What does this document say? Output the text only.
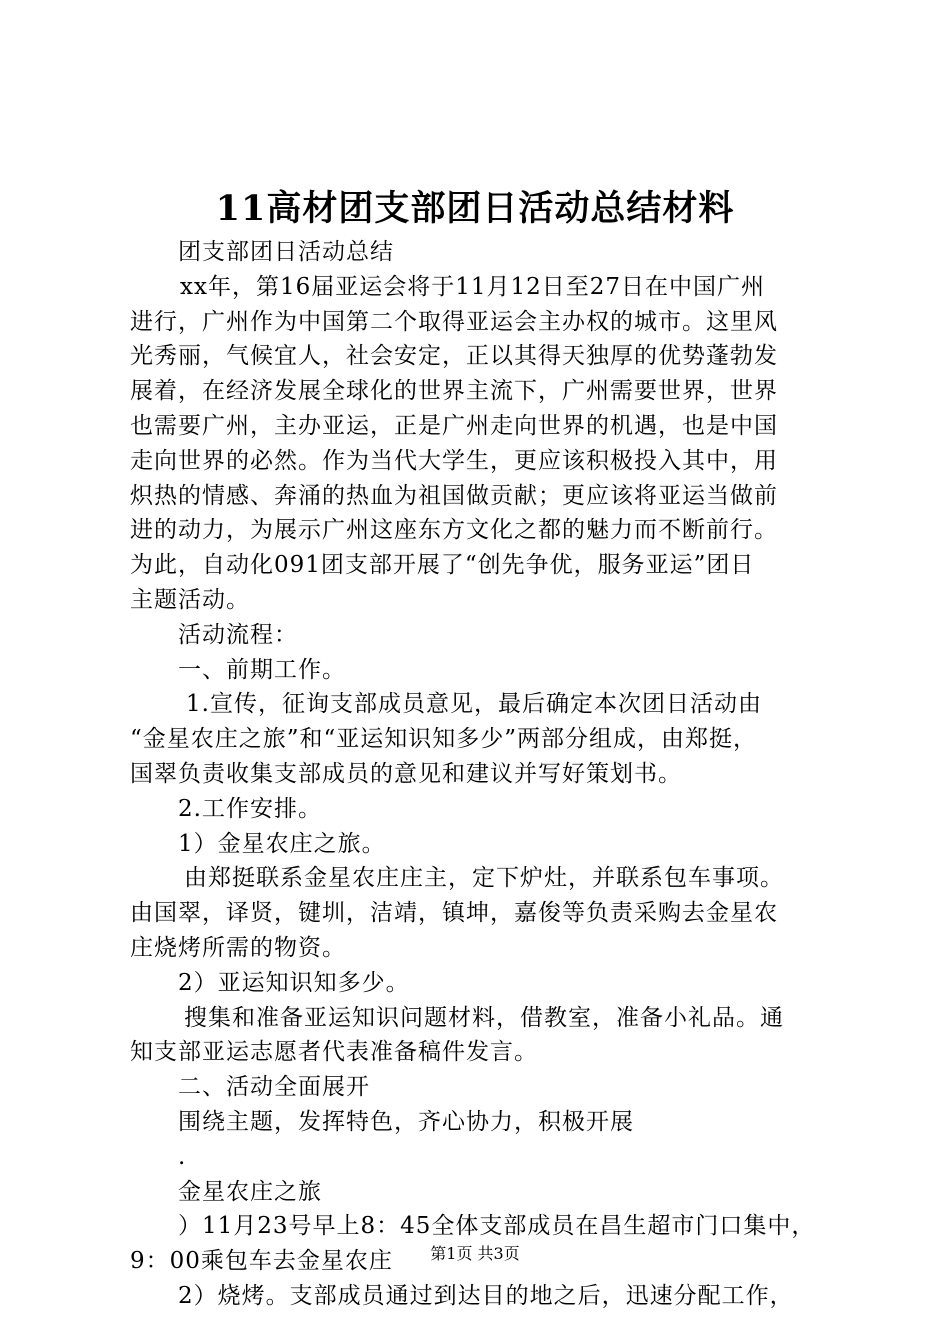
11高材团支部团日活动总结材料
团支部团日活动总结
xx年，第16届亚运会将于11月12日至27日在中国广州
进行，广州作为中国第二个取得亚运会主办权的城市。这里风
光秀丽，气候宜人，社会安定，正以其得天独厚的优势蓬勃发
展着，在经济发展全球化的世界主流下，广州需要世界，世界
也需要广州，主办亚运，正是广州走向世界的机遇，也是中国
走向世界的必然。作为当代大学生，更应该积极投入其中，用
炽热的情感、奔涌的热血为祖国做贡献；更应该将亚运当做前
进的动力，为展示广州这座东方文化之都的魅力而不断前行。
为此，自动化091团支部开展了“创先争优，服务亚运”团日
主题活动。
活动流程：
一、前期工作。
1.宣传，征询支部成员意见，最后确定本次团日活动由
“金星农庄之旅”和“亚运知识知多少”两部分组成，由郑挺，
国翠负责收集支部成员的意见和建议并写好策划书。
2.工作安排。
1）金星农庄之旅。
由郑挺联系金星农庄庄主，定下炉灶，并联系包车事项。
由国翠，译贤，键圳，洁靖，镇坤，嘉俊等负责采购去金星农
庄烧烤所需的物资。
2）亚运知识知多少。
搜集和准备亚运知识问题材料，借教室，准备小礼品。通
知支部亚运志愿者代表准备稿件发言。
二、活动全面展开
围绕主题，发挥特色，齐心协力，积极开展
.
金星农庄之旅
）11月23号早上8：45全体支部成员在昌生超市门口集中，
9：00乘包车去金星农庄
2）烧烤。支部成员通过到达目的地之后，迅速分配工作，
第1页 共3页
